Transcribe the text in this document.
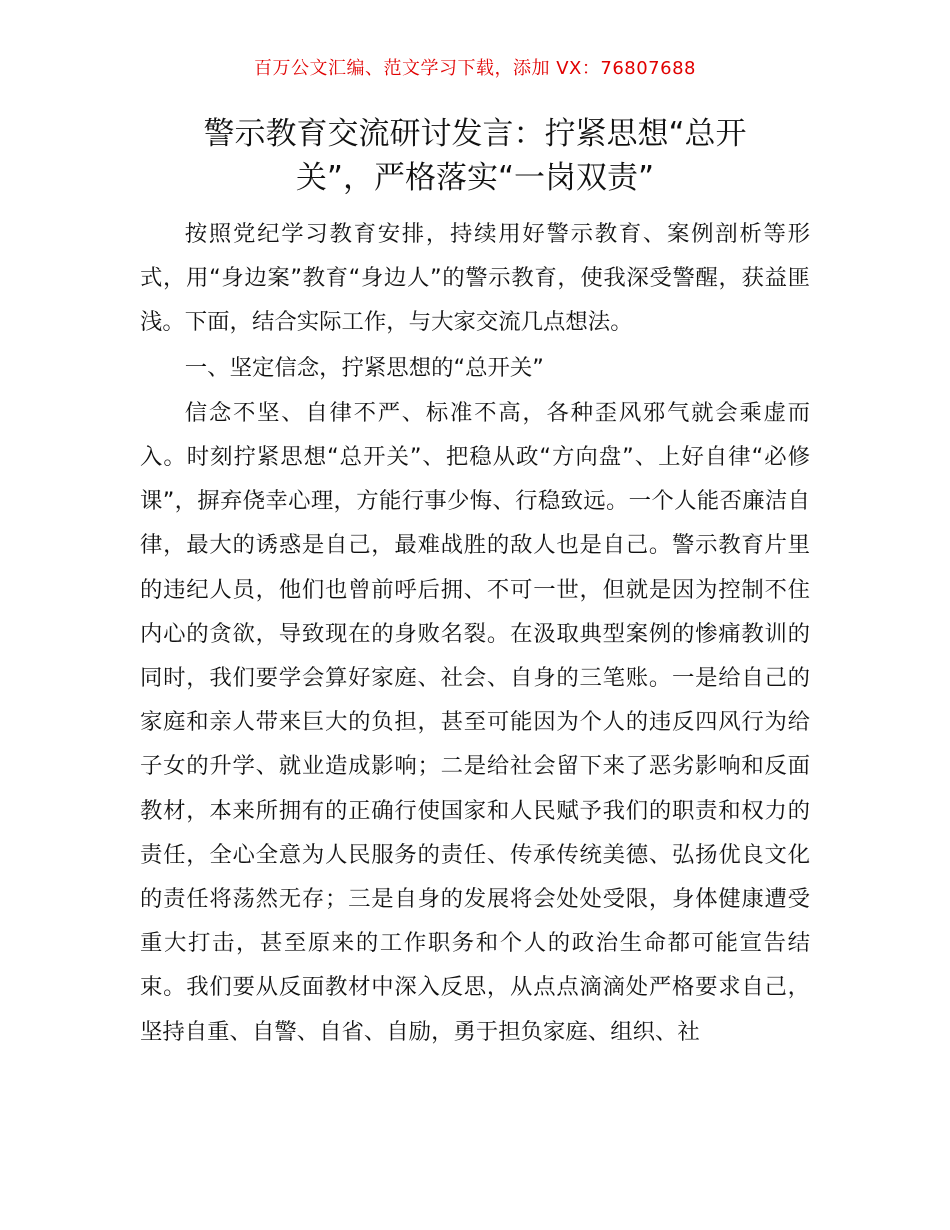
百万公文汇编、范文学习下载，添加 VX：76807688
警示教育交流研讨发言：拧紧思想“总开
关”，严格落实“一岗双责”

按照党纪学习教育安排，持续用好警示教育、案例剖析等形式，用“身边案”教育“身边人”的警示教育，使我深受警醒，获益匪浅。下面，结合实际工作，与大家交流几点想法。

一、坚定信念，拧紧思想的“总开关”

信念不坚、自律不严、标准不高，各种歪风邪气就会乘虚而入。时刻拧紧思想“总开关”、把稳从政“方向盘”、上好自律“必修课”，摒弃侥幸心理，方能行事少悔、行稳致远。一个人能否廉洁自律，最大的诱惑是自己，最难战胜的敌人也是自己。警示教育片里的违纪人员，他们也曾前呼后拥、不可一世，但就是因为控制不住内心的贪欲，导致现在的身败名裂。在汲取典型案例的惨痛教训的同时，我们要学会算好家庭、社会、自身的三笔账。一是给自己的家庭和亲人带来巨大的负担，甚至可能因为个人的违反四风行为给子女的升学、就业造成影响；二是给社会留下来了恶劣影响和反面教材，本来所拥有的正确行使国家和人民赋予我们的职责和权力的责任，全心全意为人民服务的责任、传承传统美德、弘扬优良文化的责任将荡然无存；三是自身的发展将会处处受限，身体健康遭受重大打击，甚至原来的工作职务和个人的政治生命都可能宣告结束。我们要从反面教材中深入反思，从点点滴滴处严格要求自己，坚持自重、自警、自省、自励，勇于担负家庭、组织、社
